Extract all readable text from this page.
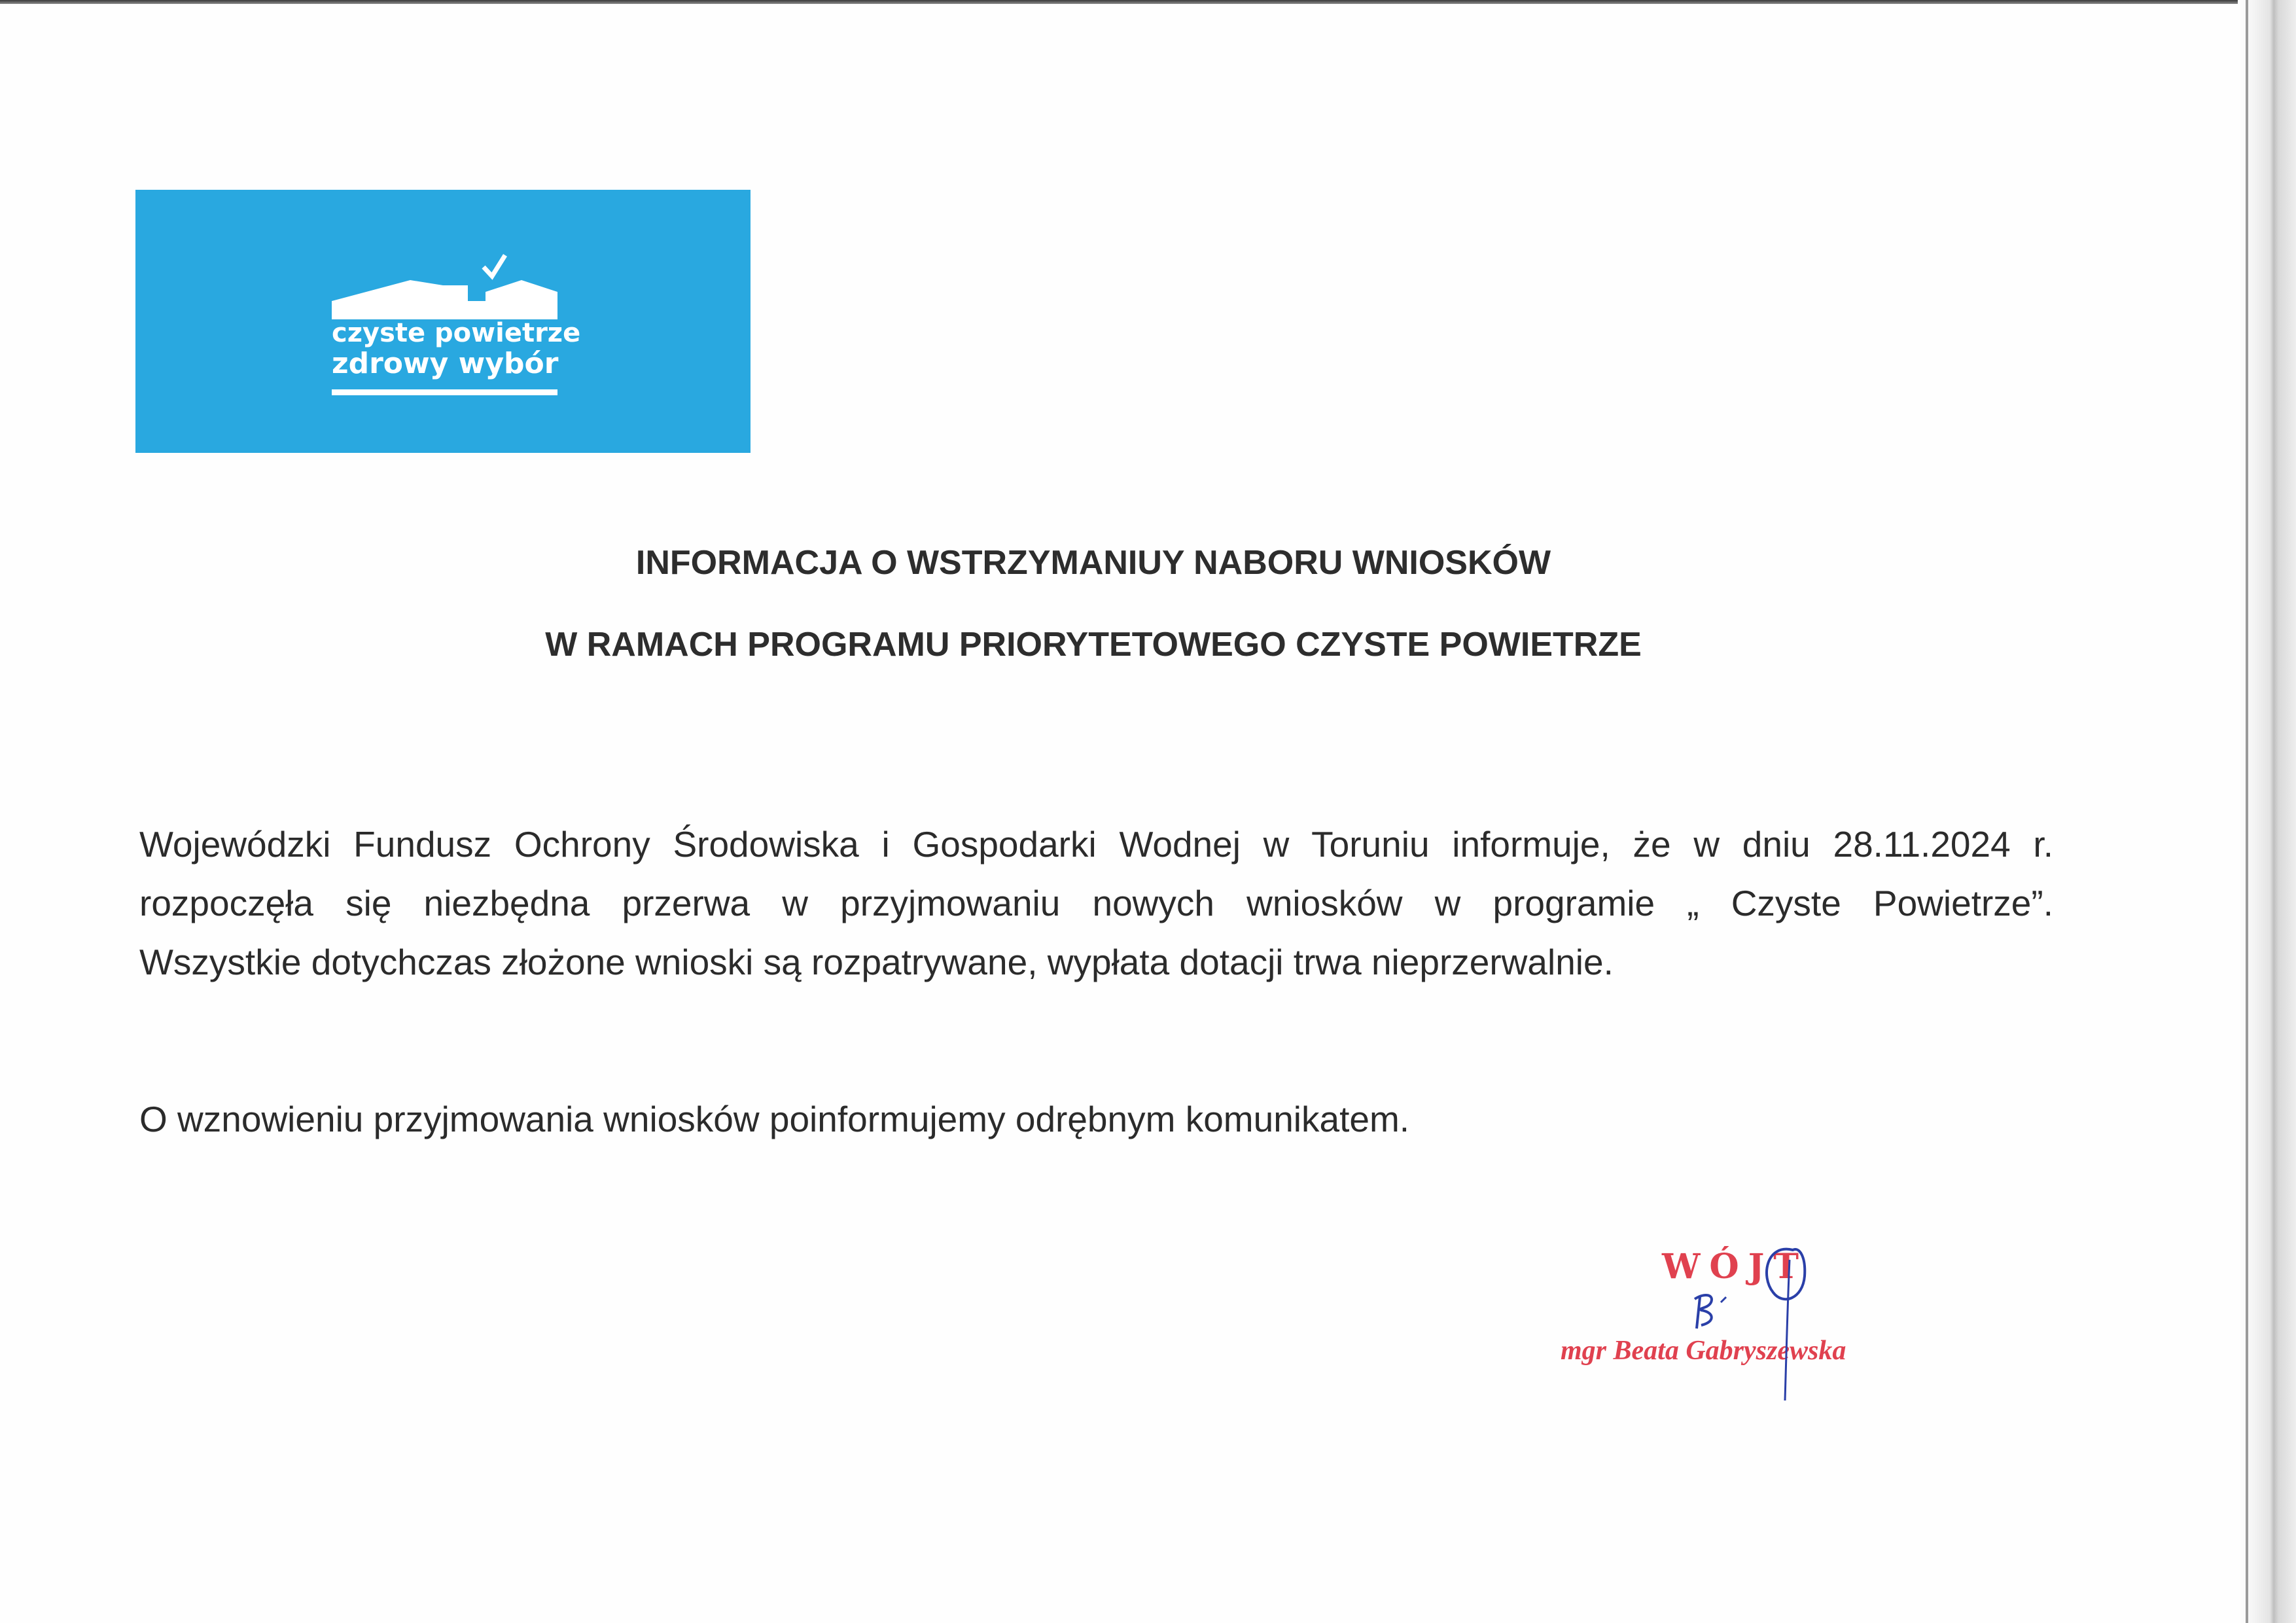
czyste powietrze
zdrowy wybór
INFORMACJA O WSTRZYMANIUY NABORU WNIOSKÓW
W RAMACH PROGRAMU PRIORYTETOWEGO CZYSTE POWIETRZE
Wojewódzki Fundusz Ochrony Środowiska i Gospodarki Wodnej w Toruniu informuje, że w dniu 28.11.2024 r.
rozpoczęła się niezbędna przerwa w przyjmowaniu nowych wniosków w programie „ Czyste Powietrze”.
Wszystkie dotychczas złożone wnioski są rozpatrywane, wypłata dotacji trwa nieprzerwalnie.
O wznowieniu przyjmowania wniosków poinformujemy odrębnym komunikatem.
WÓJT
mgr Beata Gabryszewska
